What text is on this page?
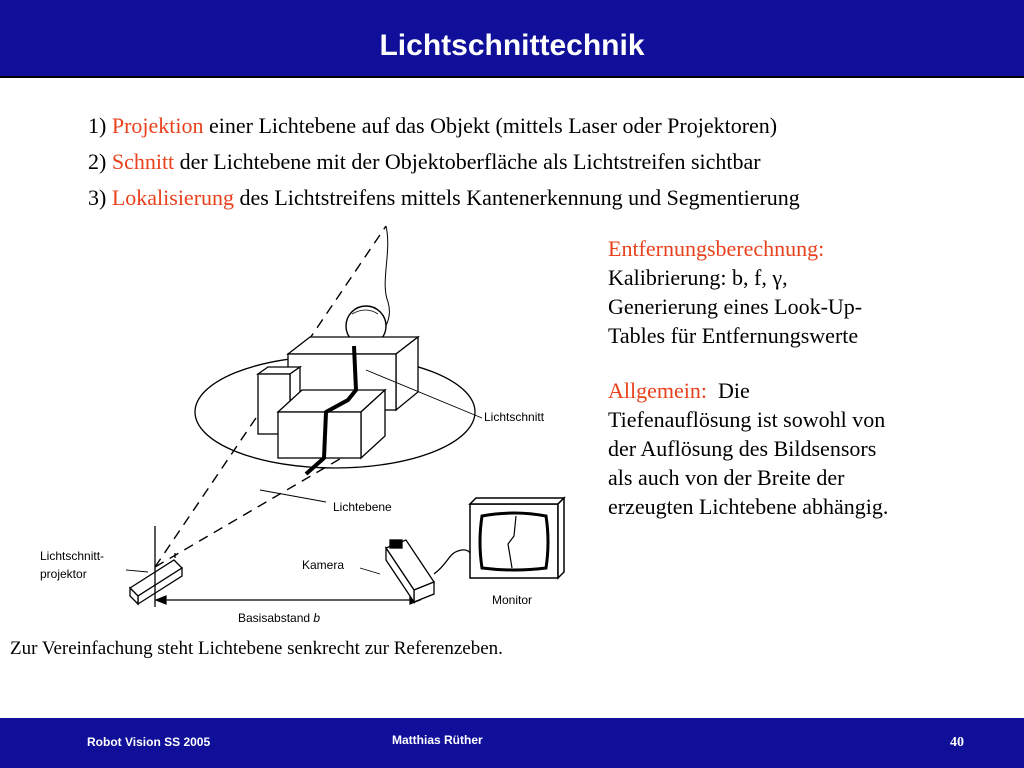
Lichtschnittechnik
1) Projektion einer Lichtebene auf das Objekt (mittels Laser oder Projektoren)
2) Schnitt der Lichtebene mit der Objektoberfläche als Lichtstreifen sichtbar
3) Lokalisierung des Lichtstreifens mittels Kantenerkennung und Segmentierung

Entfernungsberechnung:

Kalibrierung: b, f, γ,

Generierung eines Look-Up-

Tables für Entfernungswerte

Allgemein: Die

Tiefenauflösung ist sowohl von

der Auflösung des Bildsensors

als auch von der Breite der

erzeugten Lichtebene abhängig.

Lichtschnitt
Lichtebene
Lichtschnitt-
projektor
Kamera
Monitor
Basisabstand b
Zur Vereinfachung steht Lichtebene senkrecht zur Referenzeben.
Robot Vision SS 2005	Matthias Rüther	40
